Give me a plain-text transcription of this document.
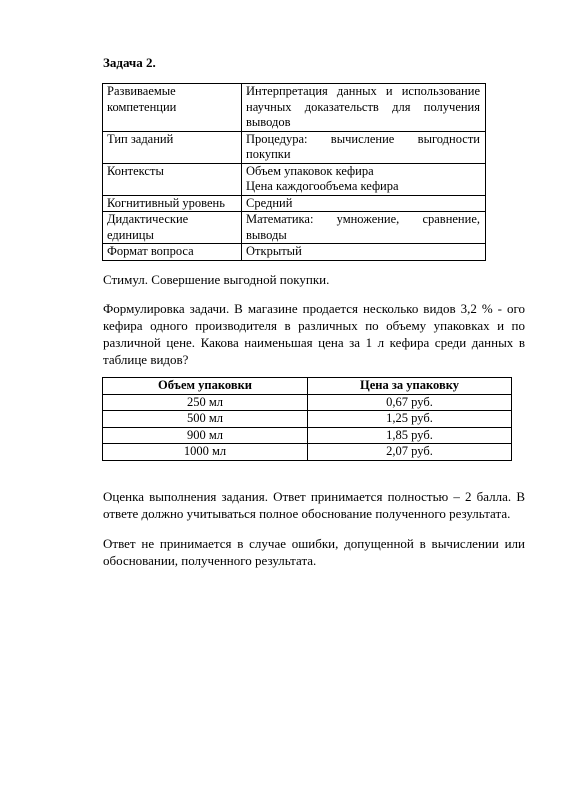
Задача 2.
Развиваемые
компетенции	Интерпретация данных и использование
научных доказательств для получения
выводов

Тип заданий	Процедура: вычисление выгодности
покупки

Контексты	Объем упаковок кефира
Цена каждогообъема кефира

Когнитивный уровень	Средний

Дидактические
единицы	Математика: умножение, сравнение,
выводы

Формат вопроса	Открытый

Стимул. Совершение выгодной покупки.

Формулировка задачи. В магазине продается несколько видов 3,2 % - ого кефира одного производителя в различных по объему упаковках и по различной цене. Какова наименьшая цена за 1 л кефира среди данных в таблице видов?

Объем упаковки	Цена за упаковку
250 мл	0,67 руб.
500 мл	1,25 руб.
900 мл	1,85 руб.
1000 мл	2,07 руб.

Оценка выполнения задания. Ответ принимается полностью – 2 балла. В ответе должно учитываться полное обоснование полученного результата.

Ответ не принимается в случае ошибки, допущенной в вычислении или обосновании, полученного результата.
